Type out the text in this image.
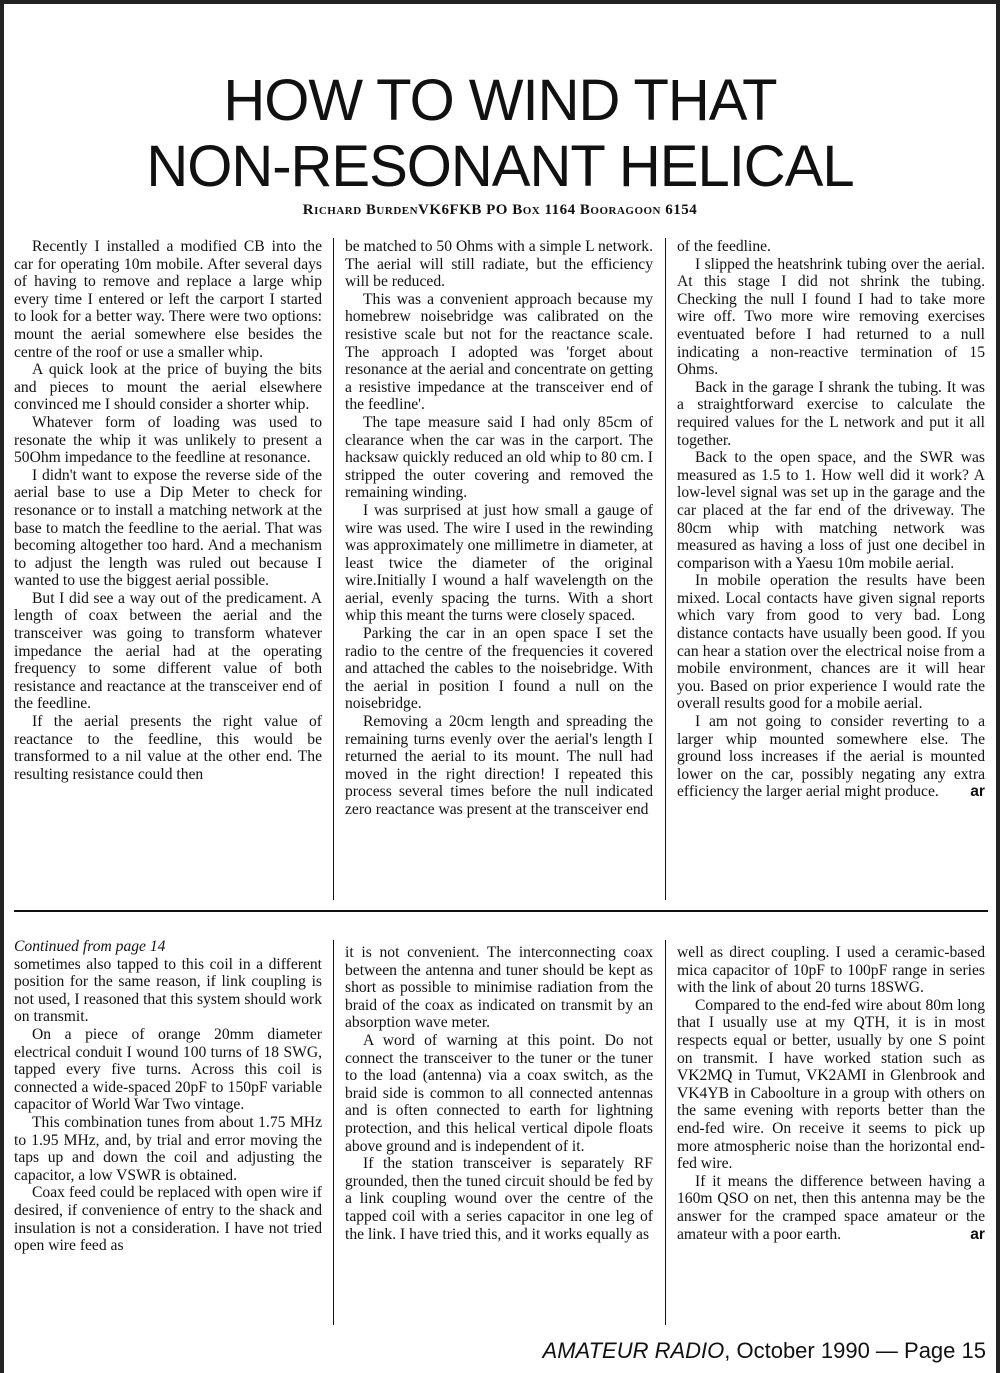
HOW TO WIND THAT
NON-RESONANT HELICAL
Richard BurdenVK6FKB PO Box 1164 Booragoon 6154

Recently I installed a modified CB into the car for operating 10m mobile. After several days of having to remove and replace a large whip every time I entered or left the carport I started to look for a better way. There were two options: mount the aerial somewhere else besides the centre of the roof or use a smaller whip.

A quick look at the price of buying the bits and pieces to mount the aerial elsewhere convinced me I should consider a shorter whip.

Whatever form of loading was used to resonate the whip it was unlikely to present a 50Ohm impedance to the feedline at resonance.

I didn't want to expose the reverse side of the aerial base to use a Dip Meter to check for resonance or to install a matching network at the base to match the feedline to the aerial. That was becoming altogether too hard. And a mechanism to adjust the length was ruled out because I wanted to use the biggest aerial possible.

But I did see a way out of the predicament. A length of coax between the aerial and the transceiver was going to transform whatever impedance the aerial had at the operating frequency to some different value of both resistance and reactance at the transceiver end of the feedline.

If the aerial presents the right value of reactance to the feedline, this would be transformed to a nil value at the other end. The resulting resistance could then

be matched to 50 Ohms with a simple L network. The aerial will still radiate, but the efficiency will be reduced.

This was a convenient approach because my homebrew noisebridge was calibrated on the resistive scale but not for the reactance scale. The approach I adopted was 'forget about resonance at the aerial and concentrate on getting a resistive impedance at the transceiver end of the feedline'.

The tape measure said I had only 85cm of clearance when the car was in the carport. The hacksaw quickly reduced an old whip to 80 cm. I stripped the outer covering and removed the remaining winding.

I was surprised at just how small a gauge of wire was used. The wire I used in the rewinding was approximately one millimetre in diameter, at least twice the diameter of the original wire.Initially I wound a half wavelength on the aerial, evenly spacing the turns. With a short whip this meant the turns were closely spaced.

Parking the car in an open space I set the radio to the centre of the frequencies it covered and attached the cables to the noisebridge. With the aerial in position I found a null on the noisebridge.

Removing a 20cm length and spreading the remaining turns evenly over the aerial's length I returned the aerial to its mount. The null had moved in the right direction! I repeated this process several times before the null indicated zero reactance was present at the transceiver end

of the feedline.

I slipped the heatshrink tubing over the aerial. At this stage I did not shrink the tubing. Checking the null I found I had to take more wire off. Two more wire removing exercises eventuated before I had returned to a null indicating a non-reactive termination of 15 Ohms.

Back in the garage I shrank the tubing. It was a straightforward exercise to calculate the required values for the L network and put it all together.

Back to the open space, and the SWR was measured as 1.5 to 1. How well did it work? A low-level signal was set up in the garage and the car placed at the far end of the driveway. The 80cm whip with matching network was measured as having a loss of just one decibel in comparison with a Yaesu 10m mobile aerial.

In mobile operation the results have been mixed. Local contacts have given signal reports which vary from good to very bad. Long distance contacts have usually been good. If you can hear a station over the electrical noise from a mobile environment, chances are it will hear you. Based on prior experience I would rate the overall results good for a mobile aerial.

I am not going to consider reverting to a larger whip mounted somewhere else. The ground loss increases if the aerial is mounted lower on the car, possibly negating any extra efficiency the larger aerial might produce.	ar

Continued from page 14

sometimes also tapped to this coil in a different position for the same reason, if link coupling is not used, I reasoned that this system should work on transmit.

On a piece of orange 20mm diameter electrical conduit I wound 100 turns of 18 SWG, tapped every five turns. Across this coil is connected a wide-spaced 20pF to 150pF variable capacitor of World War Two vintage.

This combination tunes from about 1.75 MHz to 1.95 MHz, and, by trial and error moving the taps up and down the coil and adjusting the capacitor, a low VSWR is obtained.

Coax feed could be replaced with open wire if desired, if convenience of entry to the shack and insulation is not a consideration. I have not tried open wire feed as

it is not convenient. The interconnecting coax between the antenna and tuner should be kept as short as possible to minimise radiation from the braid of the coax as indicated on transmit by an absorption wave meter.

A word of warning at this point. Do not connect the transceiver to the tuner or the tuner to the load (antenna) via a coax switch, as the braid side is common to all connected antennas and is often connected to earth for lightning protection, and this helical vertical dipole floats above ground and is independent of it.

If the station transceiver is separately RF grounded, then the tuned circuit should be fed by a link coupling wound over the centre of the tapped coil with a series capacitor in one leg of the link. I have tried this, and it works equally as

well as direct coupling. I used a ceramic-based mica capacitor of 10pF to 100pF range in series with the link of about 20 turns 18SWG.

Compared to the end-fed wire about 80m long that I usually use at my QTH, it is in most respects equal or better, usually by one S point on transmit. I have worked station such as VK2MQ in Tumut, VK2AMI in Glenbrook and VK4YB in Caboolture in a group with others on the same evening with reports better than the end-fed wire. On receive it seems to pick up more atmospheric noise than the horizontal end-fed wire.

If it means the difference between having a 160m QSO on net, then this antenna may be the answer for the cramped space amateur or the amateur with a poor earth.	ar

AMATEUR RADIO, October 1990 — Page 15
